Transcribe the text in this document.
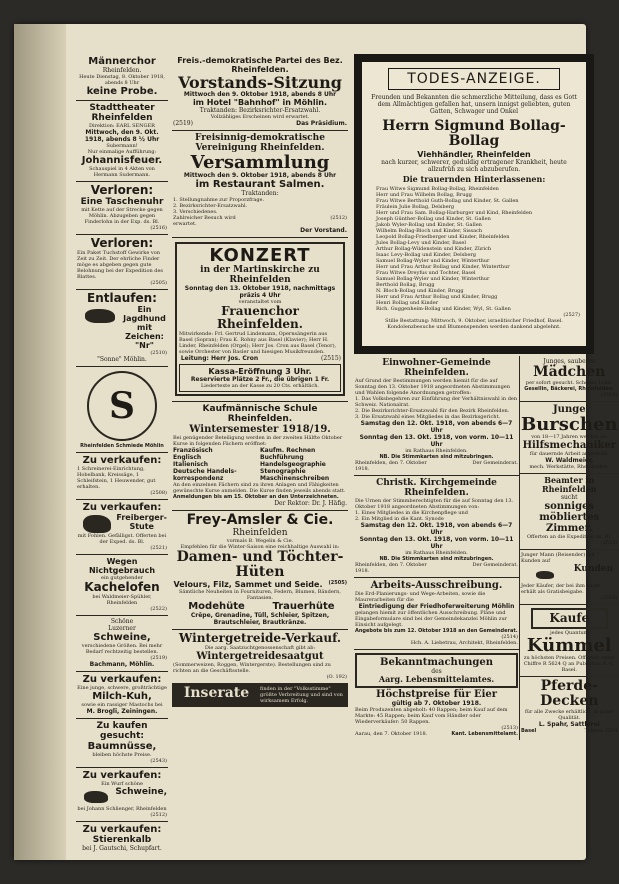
Männerchor
Rheinfelden.
Heute Dienstag, 8. Oktober 1918, abends 8 Uhr
keine Probe.
Stadttheater Rheinfelden
Direktion: EARL SENGER
Mittwoch, den 9. Okt. 1918, abends 8 ½ Uhr
Subermann!
Nur einmalige Aufführung:
Johannisfeuer.
Schauspiel in 4 Akten von Hermann Sudermann.
Verloren:
Eine Taschenuhr
mit Kette auf der Strecke gegen Möhlin. Abzugeben gegen Finderlohn in der Exp. ds. Bl.
(2516)
Verloren:
Ein Paket Tuchstoff Gewirke von Zeit zu Zeit. Der ehrliche Finder möge es abgeben gegen gute Belohnung bei der Expedition des Blattes.
(2505)
Entlaufen:
Ein Jagdhund mit Zeichen: "Nr"
(2510)
"Sonne" Möhlin.
S
Rheinfelden Schmiede Möhlin
Zu verkaufen:
1 Schreinerei-Einrichtung, Hobelbank, Kreissäge, 1 Schleifstein, 1 Heuwender, gut erhalten.
(2508)
Zu verkaufen:
Freiberger-Stute
mit Fohlen. Gefälligst. Offerten bei der Exped. ds. Bl.
(2521)
Wegen Nichtgebrauch
ein gutgehender
Kachelofen
bei Waldmeier-Spühler, Rheinfelden
(2522)
Schöne
Luzerner
Schweine,
verschiedene Größen. Bei mehr Bedarf rechtzeitig bestellen.
(2519)
Bachmann, Möhlin.
Zu verkaufen:
Eine junge, schwere, großträchtige
Milch-Kuh,
sowie ein rassiger Mastochs bei
M. Brogli, Zeiningen.
Zu kaufen gesucht:
Baumnüsse,
bleiben höchste Preise.
(2543)
Zu verkaufen:
Ein Wurf schöne
Schweine,
bei Johann Schlienger, Rheinfelden
(2512)
Zu verkaufen:
Stierenkalb
bei J. Gautschi, Schupfart.
Freis.-demokratische Partei des Bez. Rheinfelden.
Vorstands-Sitzung
Mittwoch den 9. Oktober 1918, abends 8 Uhr
im Hotel "Bahnhof" in Möhlin.
Traktanden: Bezirksrichter-Ersatzwahl.
Vollzähliges Erscheinen wird erwartet.
(2519)	Das Präsidium.
Freisinnig-demokratische Vereinigung Rheinfelden.
Versammlung
Mittwoch den 9. Oktober 1918, abends 8 Uhr
im Restaurant Salmen.
Traktanden:
1. Stellungnahme zur Proporzfrage.
2. Bezirksrichter-Ersatzwahl.
3. Verschiedenes.
Zahlreicher Besuch wird erwartet.
(2512)
Der Vorstand.
KONZERT
in der Martinskirche zu Rheinfelden
Sonntag den 13. Oktober 1918, nachmittags präzis 4 Uhr
veranstaltet vom
Frauenchor Rheinfelden.
Mitwirkende: Frl. Gertrud Lindemann, Opernsängerin aus Basel (Sopran); Frau K. Rohny aus Basel (Klavier); Herr H. Linder, Rheinfelden (Orgel); Herr Jos. Cron aus Basel (Tenor), sowie Orchester von Basler und hiesigen Musikfreunden.
Leitung: Herr Jos. Cron	(2515)
Kassa-Eröffnung 3 Uhr.
Reservierte Plätze 2 Fr., die übrigen 1 Fr.
Liedertexte an der Kasse zu 20 Cts. erhältlich.
Kaufmännische Schule Rheinfelden.
Wintersemester 1918/19.
Bei genügender Beteiligung werden in der zweiten Hälfte Oktober Kurse in folgenden Fächern eröffnet:
Französisch
Englisch
Italienisch
Deutsche Handels-
korrespondenz
Kaufm. Rechnen
Buchführung
Handelsgeographie
Stenographie
Maschinenschreiben
An den einzelnen Fächern sind zu ihren Anlagen und Fähigkeiten gewünschte Kurse anmelden. Die Kurse finden jeweils abends statt.
Anmeldungen bis am 15. Oktober an den Unterzeichneten.
Der Rektor: Dr. J. Häfig.
Frey-Amsler & Cie.
Rheinfelden
vormals B. Wegelin & Cie.
Empfehlen für die Winter-Saison eine reichhaltige Auswahl in:
Damen- und Töchter-Hüten
Velours, Filz, Sammet und Seide.	(2505)
Sämtliche Neuheiten in Fournituren, Federn, Blumen, Bändern, Fantasien.
Modehüte	Trauerhüte
Crêpe, Grenadine, Tüll, Schleier, Spitzen, Brautschleier, Brautkränze.
Wintergetreide-Verkauf.
Die aarg. Saatzuchtgenossenschaft gibt ab:
Wintergetreidesaatgut
(Sommerweizen, Roggen, Wintergerste). Bestellungen sind zu richten an die Geschäftsstelle.
(O. 192)
Inserate	finden in der "Volksstimme" größte Verbreitung und sind von wirksamem Erfolg.
TODES-ANZEIGE.
Freunden und Bekannten die schmerzliche Mitteilung, dass es Gott dem Allmächtigen gefallen hat, unsern innigst geliebten, guten Gatten, Schwager und Onkel
Herrn Sigmund Bollag-Bollag
Viehhändler, Rheinfelden
nach kurzer, schwerer, geduldig ertragener Krankheit, heute allzufrüh zu sich abzuberufen.
Die trauernden Hinterlassenen:
Frau Witwe Sigmund Bollag-Bollag, Rheinfelden
Herr und Frau Wilhelm Bollag, Brugg
Frau Witwe Berthold Guth-Bollag und Kinder, St. Gallen
Fräulein Julie Bollag, Delsberg
Herr und Frau Sam. Bollag-Harburger und Kind, Rheinfelden
Joseph Günther-Bollag und Kinder, St. Gallen
Jakob Wyler-Bollag und Kinder, St. Gallen
Wilhelm Bollag-Bloch und Kinder, Sissach
Leopold Bollag-Friedberger und Kinder, Rheinfelden
Jules Bollag-Levy und Kinder, Basel
Arthur Bollag-Wildenstein und Kinder, Zürich
Isaac Levy-Bollag und Kinder, Delsberg
Samuel Bollag-Wyler und Kinder, Winterthur
Herr und Frau Arthur Bollag und Kinder, Winterthur
Frau Witwe Dreyfus und Tochter, Basel
Samuel Bollag-Wyler und Kinder, Winterthur
Berthold Bollag, Brugg
N. Bloch-Bollag und Kinder, Brugg
Herr und Frau Arthur Bollag und Kinder, Brugg
Henri Bollag und Kinder
Rich. Guggenheim-Bollag und Kinder, Wyl, St. Gallen
(2527)
Stille Bestattung: Mittwoch, 9. Oktober, israelitischer Friedhof, Basel. Kondolenzbesuche und Blumenspenden werden dankend abgelehnt.
Einwohner-Gemeinde Rheinfelden.
Auf Grund der Bestimmungen werden hiemit für die auf Sonntag den 13. Oktober 1918 angeordneten Abstimmungen und Wahlen folgende Anordnungen getroffen:
1. Das Volksbegehren zur Einführung der Verhältniswahl in den Schweiz. Nationalrat.
2. Die Bezirksrichter-Ersatzwahl für den Bezirk Rheinfelden.
3. Die Ersatzwahl eines Mitgliedes in das Bezirksgericht.
Samstag den 12. Okt. 1918, von abends 6—7 Uhr
Sonntag den 13. Okt. 1918, von vorm. 10—11 Uhr
im Rathaus Rheinfelden.
NB. Die Stimmkarten sind mitzubringen.
Rheinfelden, den 7. Oktober 1918.
Der Gemeinderat.
Christk. Kirchgemeinde Rheinfelden.
Die Urnen der Stimmberechtigten für die auf Sonntag den 13. Oktober 1918 angeordneten Abstimmungen von:
1. Eines Mitgliedes in die Kirchenpflege und
2. Ein Mitglied in die Kant. Synode
Samstag den 12. Okt. 1918, von abends 6—7 Uhr
Sonntag den 13. Okt. 1918, von vorm. 10—11 Uhr
im Rathaus Rheinfelden.
NB. Die Stimmkarten sind mitzubringen.
Rheinfelden, den 7. Oktober 1918.
Der Gemeinderat.
Arbeits-Ausschreibung.
Die Erd-Planierungs- und Wege-Arbeiten, sowie die Maurerarbeiten für die
Eintriedigung der Friedhoferweiterung Möhlin
gelangen hiemit zur öffentlichen Ausschreibung. Pläne und Eingabeformulare sind bei der Gemeindekanzlei Möhlin zur Einsicht aufgelegt.
Angebote bis zum 12. Oktober 1918 an den Gemeinderat.
(2514)
Hch. A. Liebetrau, Architekt, Rheinfelden.
Bekanntmachungen
des
Aarg. Lebensmittelamtes.
Höchstpreise für Eier
gültig ab 7. Oktober 1918.
Beim Produzenten abgeholt: 40 Rappen; beim Kauf auf dem Markte: 45 Rappen; beim Kauf vom Händler oder Wiederverkäufer: 50 Rappen.
(2513)
Aarau, den 7. Oktober 1918.	Kant. Lebensmittelamt.
Junges, sauberes
Mädchen
per sofort gesucht. Schöner Lohn.
Gesellin, Bäckerei, Rheinfelden.
(2516)
Junge
Burschen
von 18—17 Jahren werden als
Hilfsmechaniker
für dauernde Arbeit angestellt.
W. Waldmeier,
mech. Werkstätte, Rheinfelden.
Beamter in Rheinfelden
sucht
sonniges möbliertes Zimmer.
Offerten an die Expedition ds. Bl.
(2515)
Junger Mann (Reisender) mit ? Kunden auf
Kunden
Jeder Käufer, der bei ihm kauft, erhält als Gratisbeigabe.
(2518)
Kaufe
jedes Quantum
Kümmel
zu höchsten Preisen. Offerten unter Chiffre R 5624 Q an Publicitas A.-G. Basel.
Pferde-Decken
für alle Zwecke erhältlich, in guter Qualität.
L. Spahr, Sattlerei
Basel	Telefon 2554
